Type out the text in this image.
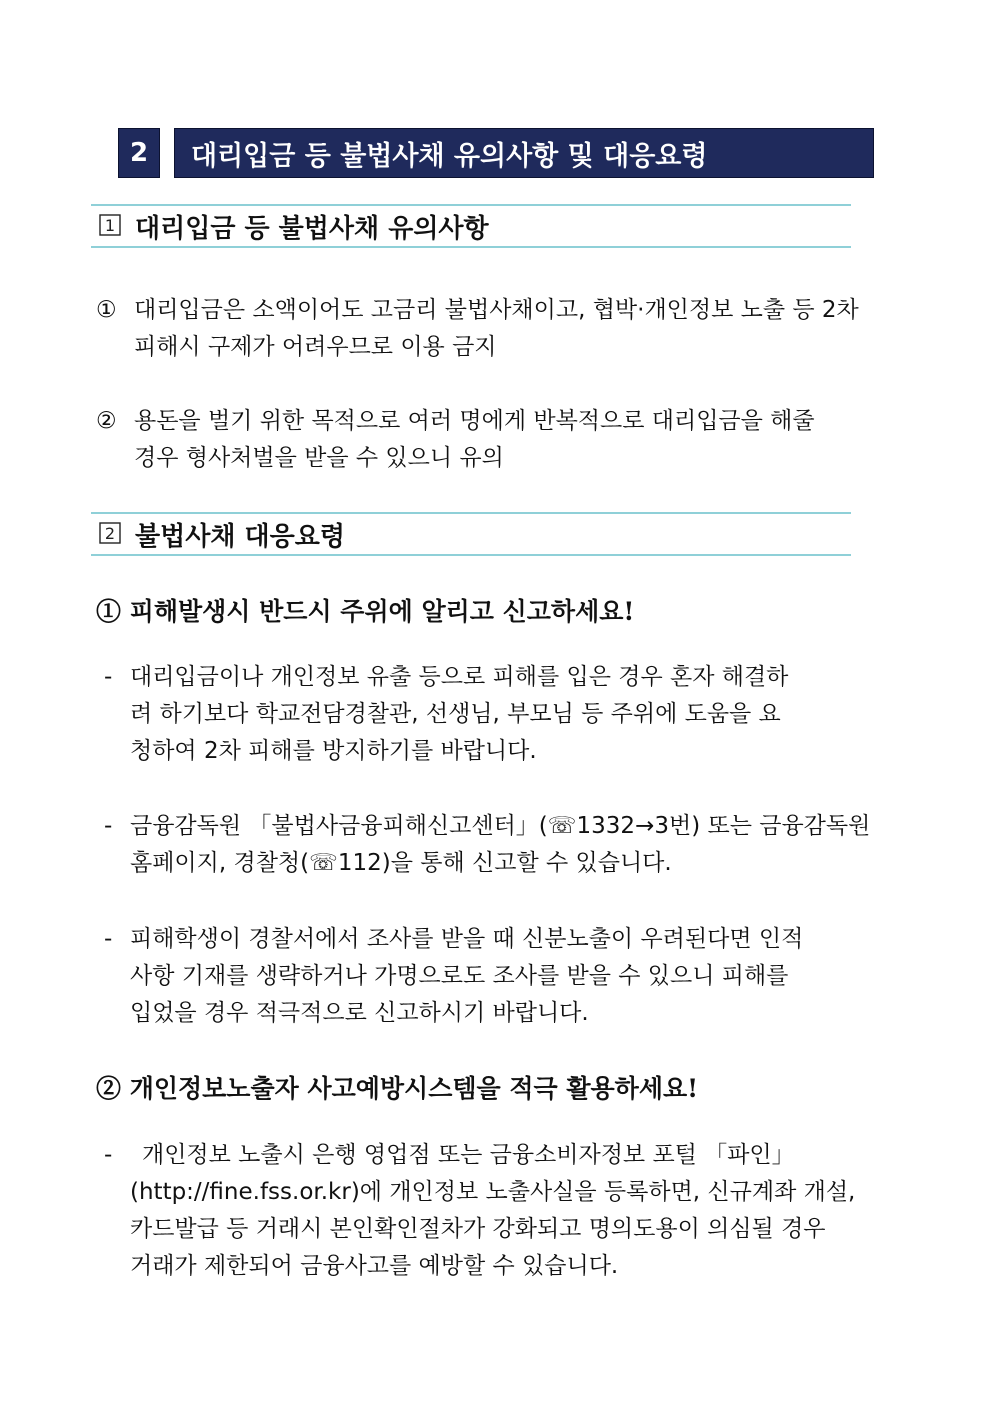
2	대리입금 등 불법사채 유의사항 및 대응요령
1 대리입금 등 불법사채 유의사항
① 대리입금은 소액이어도 고금리 불법사채이고, 협박·개인정보 노출 등 2차
피해시 구제가 어려우므로 이용 금지
② 용돈을 벌기 위한 목적으로 여러 명에게 반복적으로 대리입금을 해줄
경우 형사처벌을 받을 수 있으니 유의
2 불법사채 대응요령
① 피해발생시 반드시 주위에 알리고 신고하세요!
- 대리입금이나 개인정보 유출 등으로 피해를 입은 경우 혼자 해결하
려 하기보다 학교전담경찰관, 선생님, 부모님 등 주위에 도움을 요
청하여 2차 피해를 방지하기를 바랍니다.
- 금융감독원 「불법사금융피해신고센터」(☏1332→3번) 또는 금융감독원
홈페이지, 경찰청(☏112)을 통해 신고할 수 있습니다.
- 피해학생이 경찰서에서 조사를 받을 때 신분노출이 우려된다면 인적
사항 기재를 생략하거나 가명으로도 조사를 받을 수 있으니 피해를
입었을 경우 적극적으로 신고하시기 바랍니다.
② 개인정보노출자 사고예방시스템을 적극 활용하세요!
- 개인정보 노출시 은행 영업점 또는 금융소비자정보 포털 「파인」
(http://fine.fss.or.kr)에 개인정보 노출사실을 등록하면, 신규계좌 개설,
카드발급 등 거래시 본인확인절차가 강화되고 명의도용이 의심될 경우
거래가 제한되어 금융사고를 예방할 수 있습니다.
